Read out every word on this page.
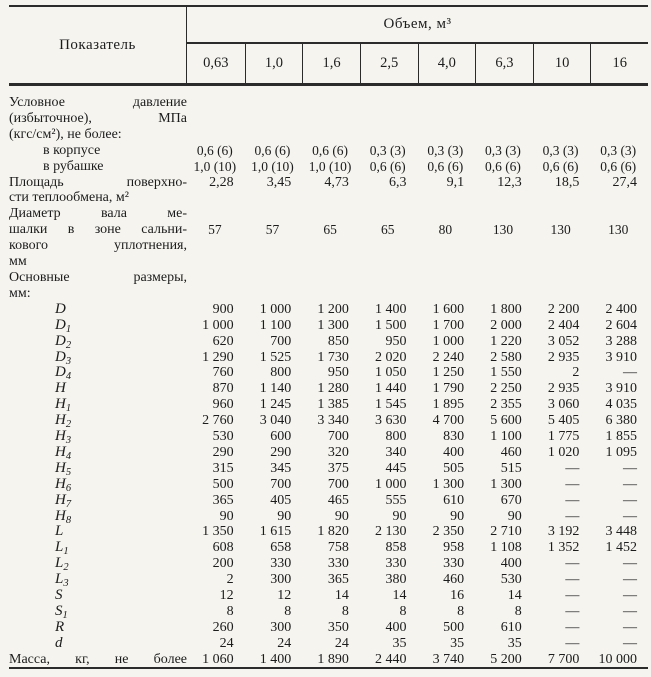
Показатель
Объем, м³
0,63	1,0	1,6	2,5	4,0	6,3	10	16
Условное давление
(избыточное), МПа
(кгс/см²), не более:
в корпусе	0,6 (6)	0,6 (6)	0,6 (6)	0,3 (3)	0,3 (3)	0,3 (3)	0,3 (3)	0,3 (3)
в рубашке	1,0 (10)	1,0 (10)	1,0 (10)	0,6 (6)	0,6 (6)	0,6 (6)	0,6 (6)	0,6 (6)
Площадь поверхно-
сти теплообмена, м²
2,28	3,45	4,73	6,3	9,1	12,3	18,5	27,4
Диаметр вала ме-
шалки в зоне сальни-
кового уплотнения,
мм
57	57	65	65	80	130	130	130
Основные размеры,
мм:
D	900	1 000	1 200	1 400	1 600	1 800	2 200	2 400
$D_1$	1 000	1 100	1 300	1 500	1 700	2 000	2 404	2 604
$D_2$	620	700	850	950	1 000	1 220	3 052	3 288
$D_3$	1 290	1 525	1 730	2 020	2 240	2 580	2 935	3 910
$D_4$	760	800	950	1 050	1 250	1 550	2	—
H	870	1 140	1 280	1 440	1 790	2 250	2 935	3 910
$H_1$	960	1 245	1 385	1 545	1 895	2 355	3 060	4 035
$H_2$	2 760	3 040	3 340	3 630	4 700	5 600	5 405	6 380
$H_3$	530	600	700	800	830	1 100	1 775	1 855
$H_4$	290	290	320	340	400	460	1 020	1 095
$H_5$	315	345	375	445	505	515	—	—
$H_6$	500	700	700	1 000	1 300	1 300	—	—
$H_7$	365	405	465	555	610	670	—	—
$H_8$	90	90	90	90	90	90	—	—
L	1 350	1 615	1 820	2 130	2 350	2 710	3 192	3 448
$L_1$	608	658	758	858	958	1 108	1 352	1 452
$L_2$	200	330	330	330	330	400	—	—
$L_3$	2	300	365	380	460	530	—	—
S	12	12	14	14	16	14	—	—
$S_1$	8	8	8	8	8	8	—	—
R	260	300	350	400	500	610	—	—
d	24	24	24	35	35	35	—	—
Масса, кг, не более	1 060	1 400	1 890	2 440	3 740	5 200	7 700	10 000
